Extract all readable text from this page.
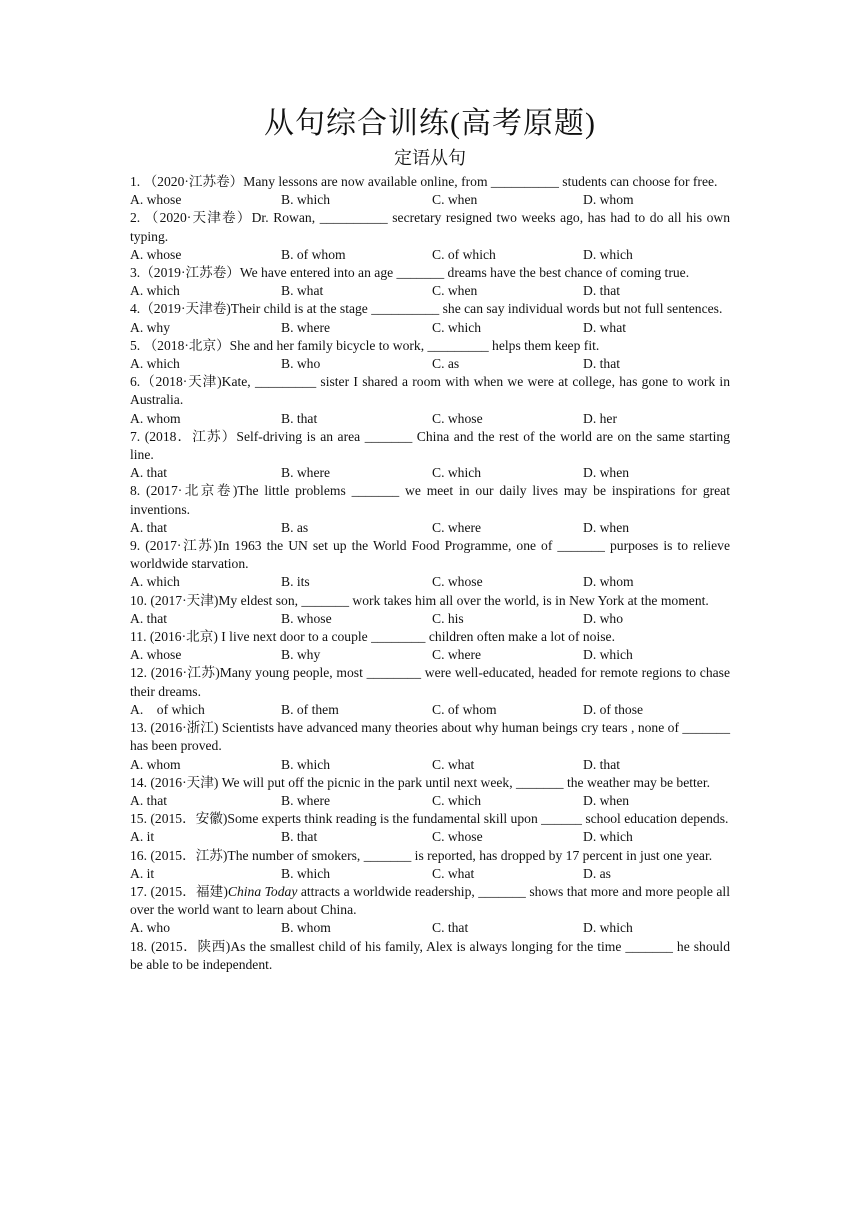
从句综合训练(高考原题)
定语从句
1. （2020·江苏卷）Many lessons are now available online, from __________ students can choose for free.
A. whose	B. which	C. when	D. whom
2. （2020·天津卷）Dr. Rowan, __________ secretary resigned two weeks ago, has had to do all his own typing.
A. whose	B. of whom	C. of which	D. which
3.（2019·江苏卷）We have entered into an age _______ dreams have the best chance of coming true.
A. which	B. what	C. when	D. that
4.（2019·天津卷)Their child is at the stage __________ she can say individual words but not full sentences.
A. why	B. where	C. which	D. what
5. （2018·北京）She and her family bicycle to work, _________ helps them keep fit.
A. which	B. who	C. as	D. that
6.（2018·天津)Kate, _________ sister I shared a room with when we were at college, has gone to work in Australia.
A. whom	B. that	C. whose	D. her
7. (2018．江苏）Self-driving is an area _______ China and the rest of the world are on the same starting line.
A. that	B. where	C. which	D. when
8. (2017·北京卷)The little problems _______ we meet in our daily lives may be inspirations for great inventions.
A. that	B. as	C. where	D. when
9. (2017·江苏)In 1963 the UN set up the World Food Programme, one of _______ purposes is to relieve worldwide starvation.
A. which	B. its	C. whose	D. whom
10. (2017·天津)My eldest son, _______ work takes him all over the world, is in New York at the moment.
A. that	B. whose	C. his	D. who
11. (2016·北京) I live next door to a couple ________ children often make a lot of noise.
A. whose	B. why	C. where	D. which
12. (2016·江苏)Many young people, most ________ were well-educated, headed for remote regions to chase their dreams.
A.    of which	B. of them	C. of whom	D. of those
13. (2016·浙江) Scientists have advanced many theories about why human beings cry tears , none of _______ has been proved.
A. whom	B. which	C. what	D. that
14. (2016·天津) We will put off the picnic in the park until next week, _______ the weather may be better.
A. that	B. where	C. which	D. when
15. (2015．安徽)Some experts think reading is the fundamental skill upon ______ school education depends.
A. it	B. that	C. whose	D. which
16. (2015．江苏)The number of smokers, _______ is reported, has dropped by 17 percent in just one year.
A. it	B. which	C. what	D. as
17. (2015．福建)China Today attracts a worldwide readership, _______ shows that more and more people all over the world want to learn about China.
A. who	B. whom	C. that	D. which
18. (2015．陕西)As the smallest child of his family, Alex is always longing for the time _______ he should be able to be independent.
